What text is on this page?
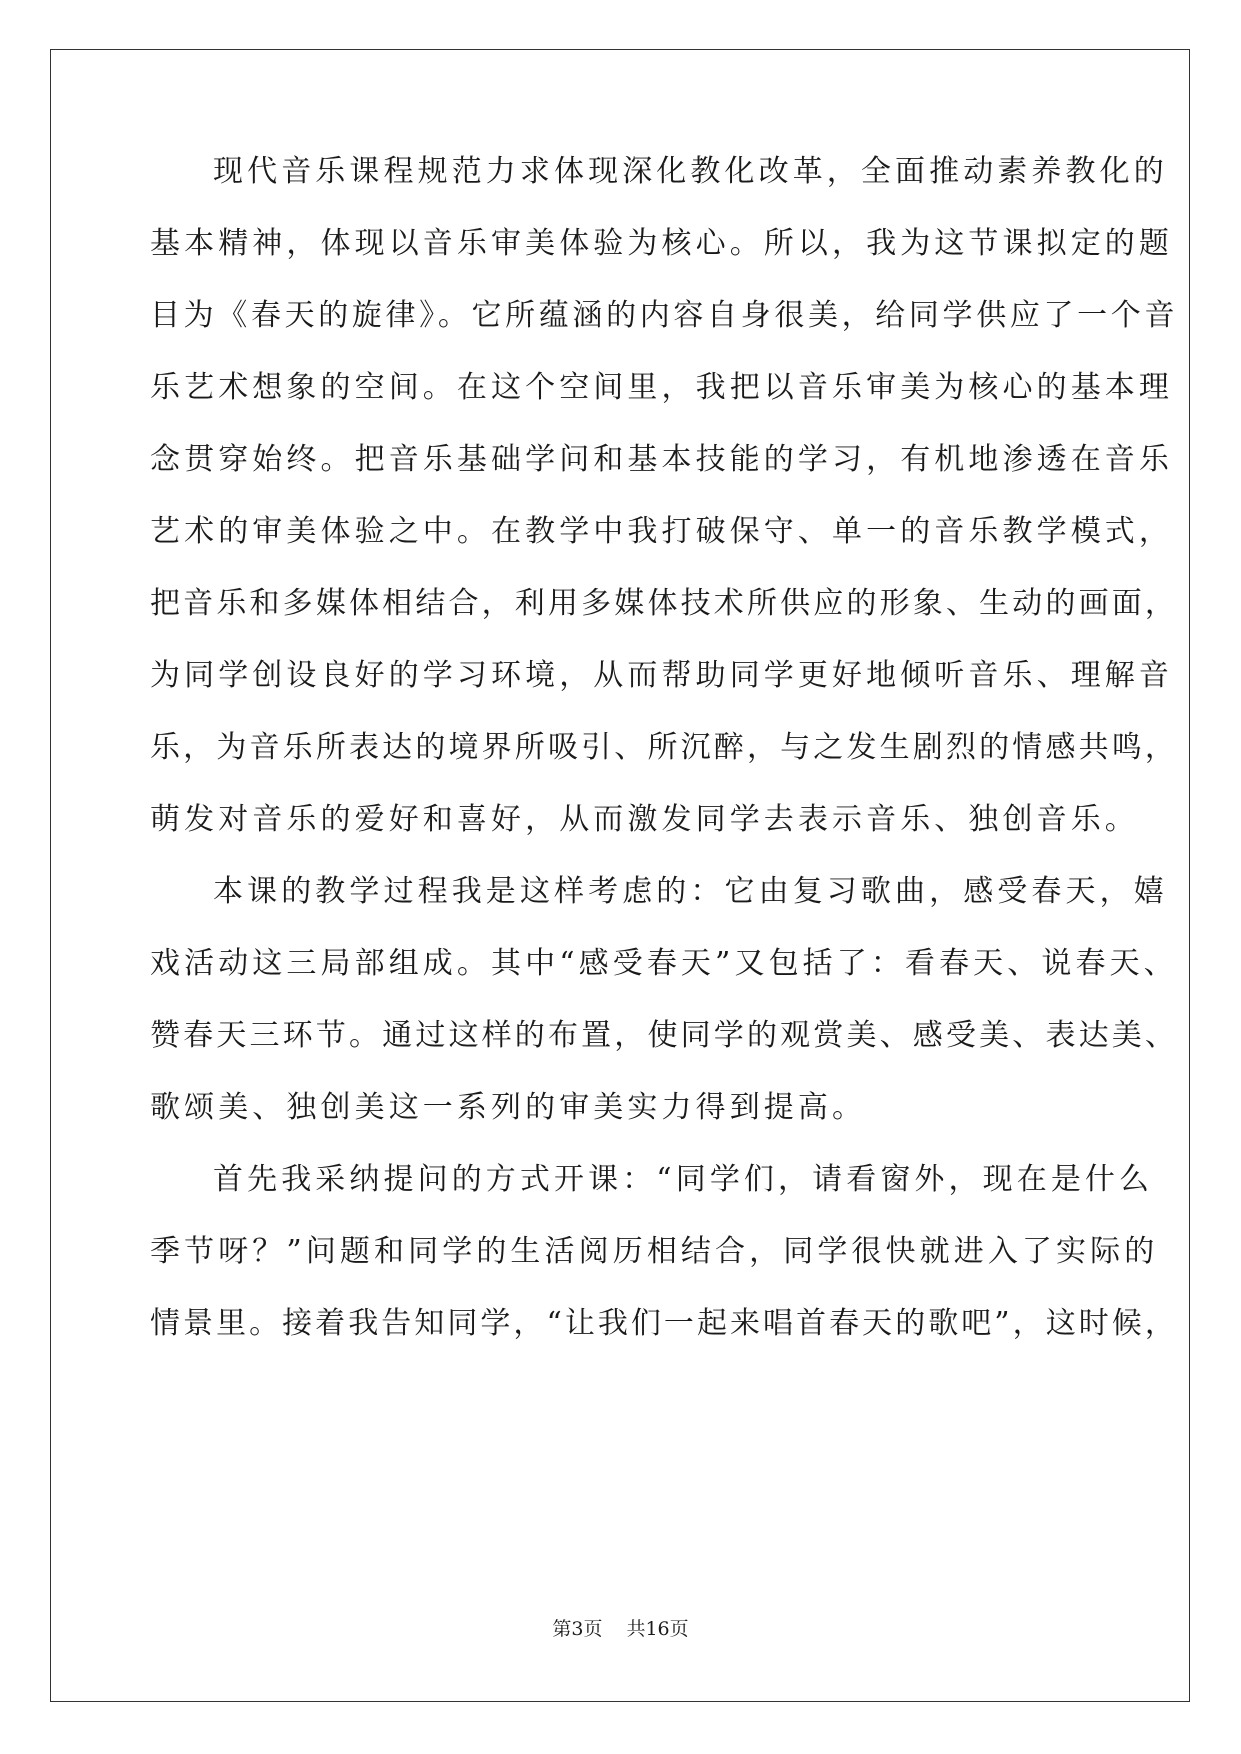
现代音乐课程规范力求体现深化教化改革，全面推动素养教化的
基本精神，体现以音乐审美体验为核心。所以，我为这节课拟定的题
目为《春天的旋律》。它所蕴涵的内容自身很美，给同学供应了一个音
乐艺术想象的空间。在这个空间里，我把以音乐审美为核心的基本理
念贯穿始终。把音乐基础学问和基本技能的学习，有机地渗透在音乐
艺术的审美体验之中。在教学中我打破保守、单一的音乐教学模式，
把音乐和多媒体相结合，利用多媒体技术所供应的形象、生动的画面，
为同学创设良好的学习环境，从而帮助同学更好地倾听音乐、理解音
乐，为音乐所表达的境界所吸引、所沉醉，与之发生剧烈的情感共鸣，
萌发对音乐的爱好和喜好，从而激发同学去表示音乐、独创音乐。
本课的教学过程我是这样考虑的：它由复习歌曲，感受春天，嬉
戏活动这三局部组成。其中“感受春天”又包括了：看春天、说春天、
赞春天三环节。通过这样的布置，使同学的观赏美、感受美、表达美、
歌颂美、独创美这一系列的审美实力得到提高。
首先我采纳提问的方式开课：“同学们，请看窗外，现在是什么
季节呀？”问题和同学的生活阅历相结合，同学很快就进入了实际的
情景里。接着我告知同学，“让我们一起来唱首春天的歌吧”，这时候，
第3页 共16页
